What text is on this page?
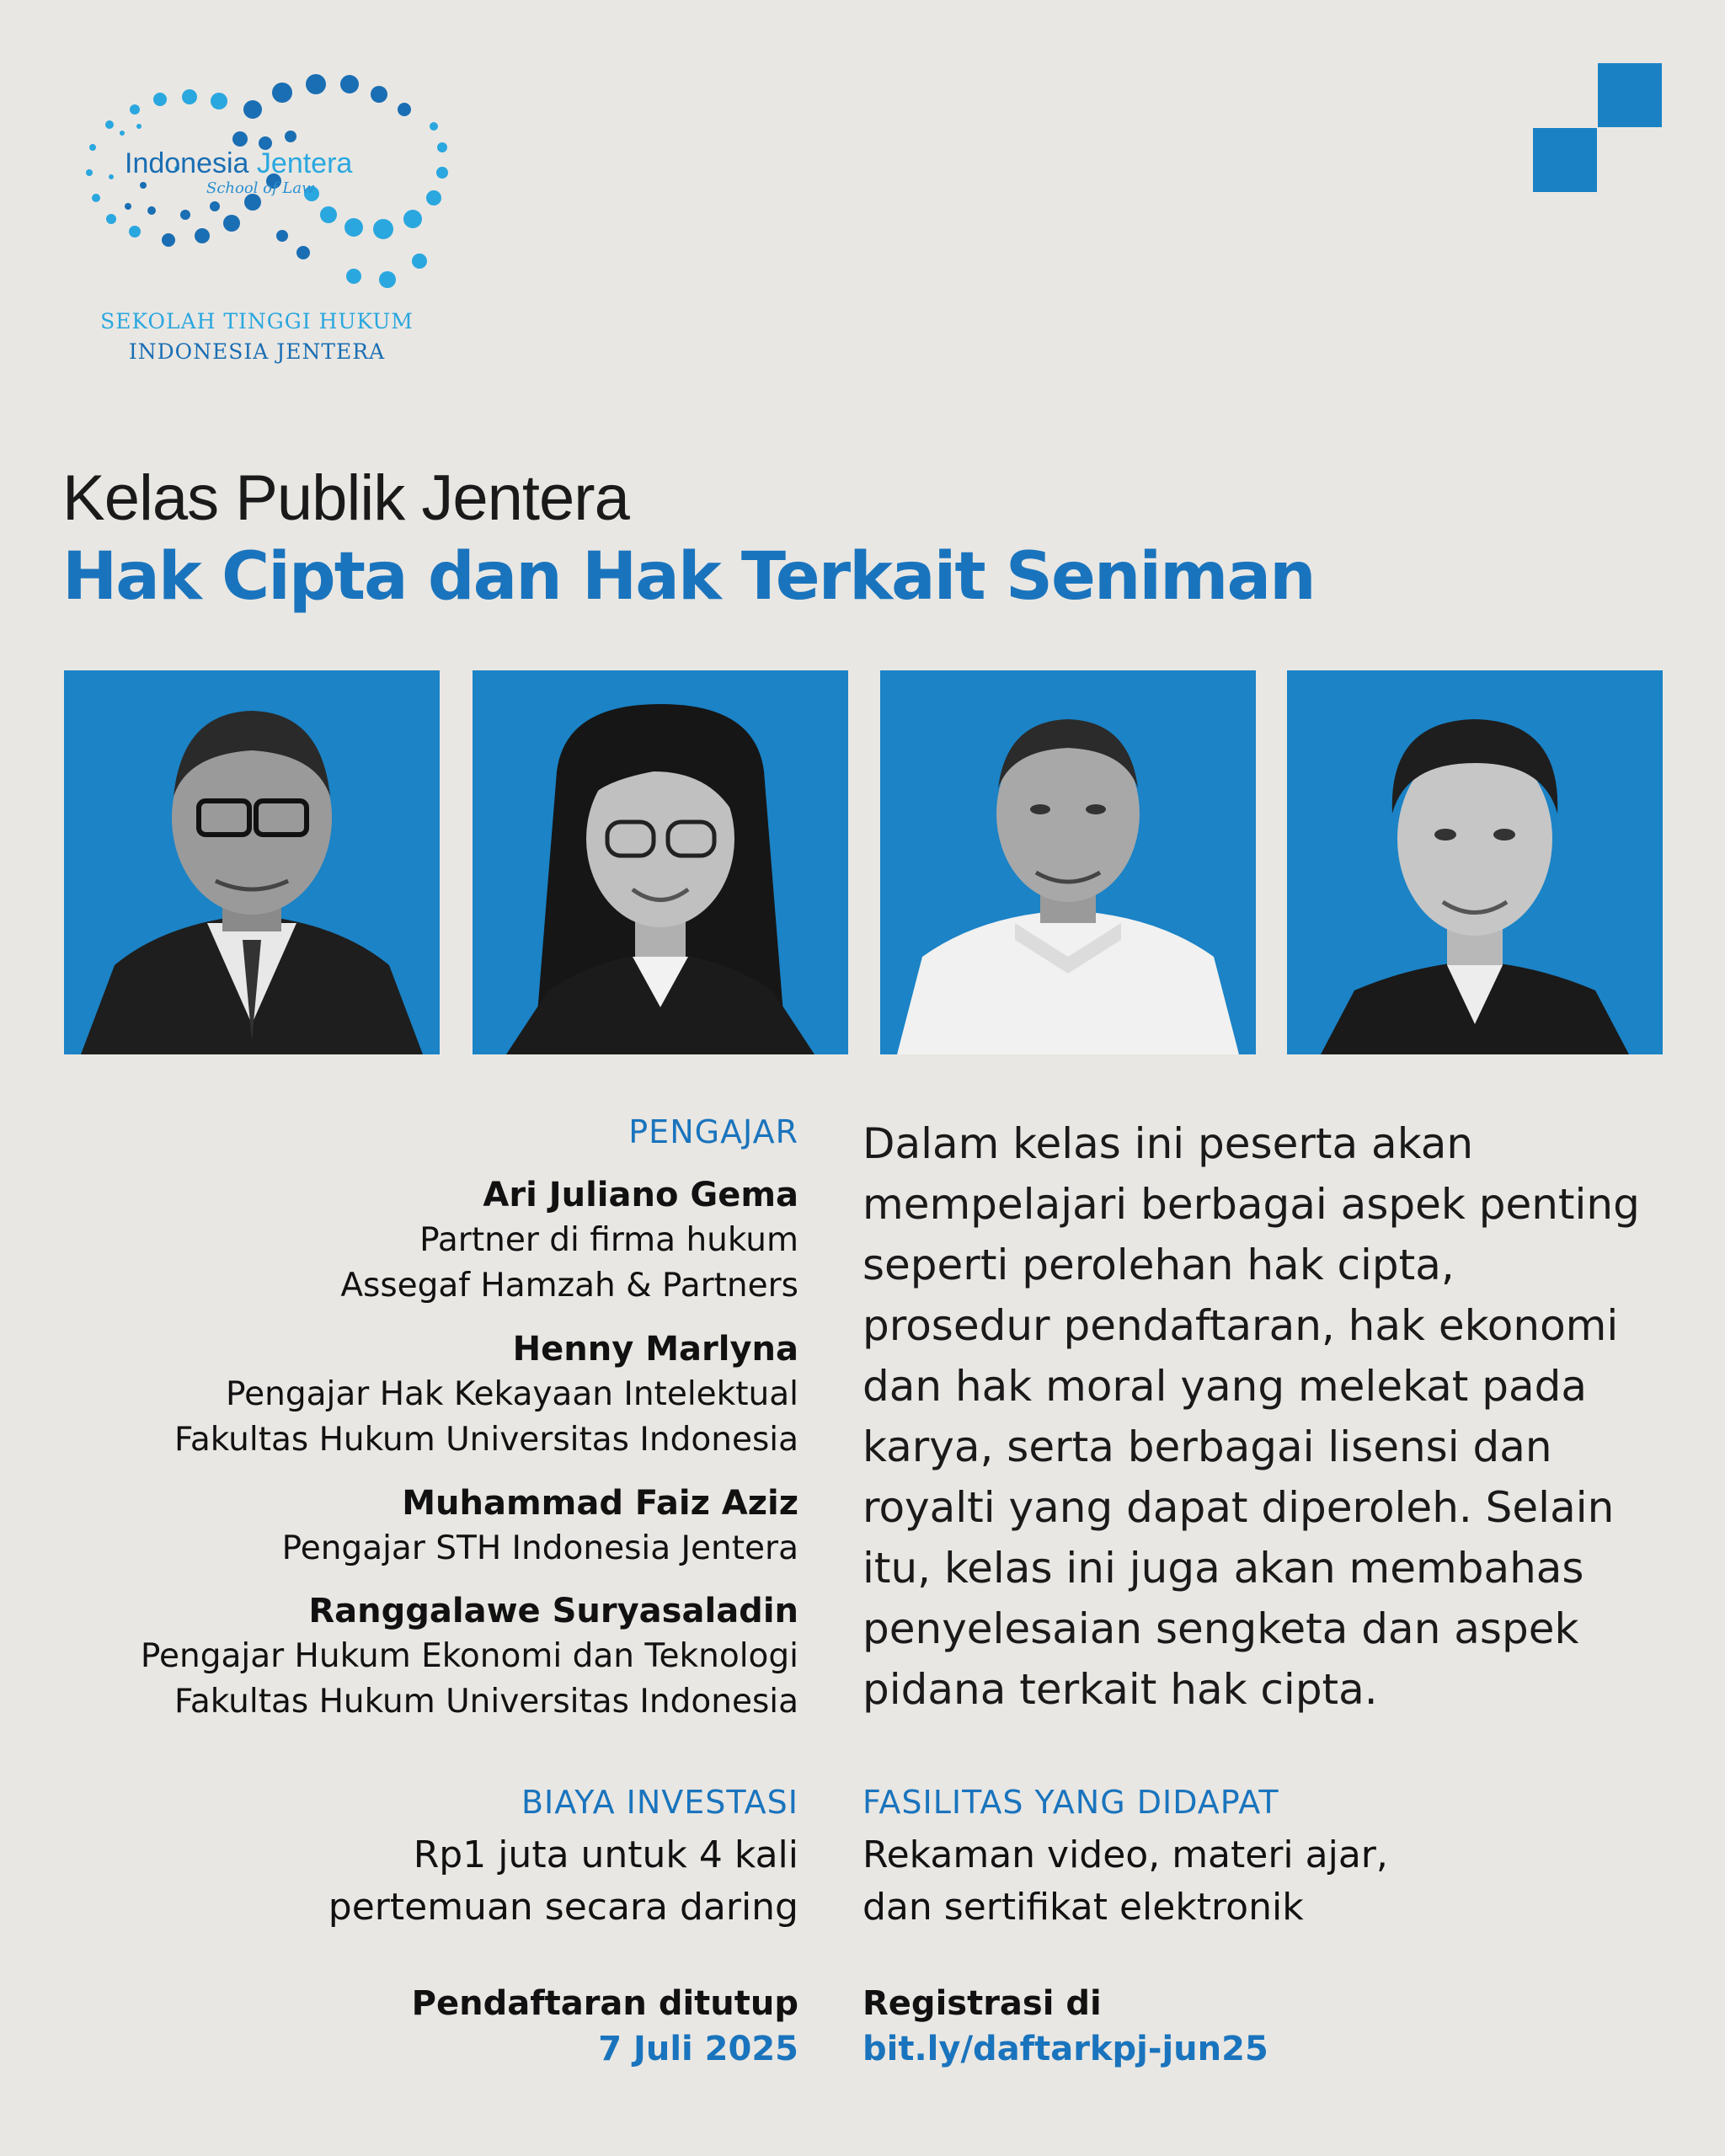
Indonesia Jentera
School of Law
SEKOLAH TINGGI HUKUM
INDONESIA JENTERA
Kelas Publik Jentera
Hak Cipta dan Hak Terkait Seniman
PENGAJAR
Ari Juliano Gema
Partner di firma hukum
Assegaf Hamzah & Partners
Henny Marlyna
Pengajar Hak Kekayaan Intelektual
Fakultas Hukum Universitas Indonesia
Muhammad Faiz Aziz
Pengajar STH Indonesia Jentera
Ranggalawe Suryasaladin
Pengajar Hukum Ekonomi dan Teknologi
Fakultas Hukum Universitas Indonesia
Dalam kelas ini peserta akan mempelajari berbagai aspek penting seperti perolehan hak cipta, prosedur pendaftaran, hak ekonomi dan hak moral yang melekat pada karya, serta berbagai lisensi dan royalti yang dapat diperoleh. Selain itu, kelas ini juga akan membahas penyelesaian sengketa dan aspek pidana terkait hak cipta.
BIAYA INVESTASI
Rp1 juta untuk 4 kali
pertemuan secara daring
FASILITAS YANG DIDAPAT
Rekaman video, materi ajar,
dan sertifikat elektronik
Pendaftaran ditutup
7 Juli 2025
Registrasi di
bit.ly/daftarkpj-jun25
